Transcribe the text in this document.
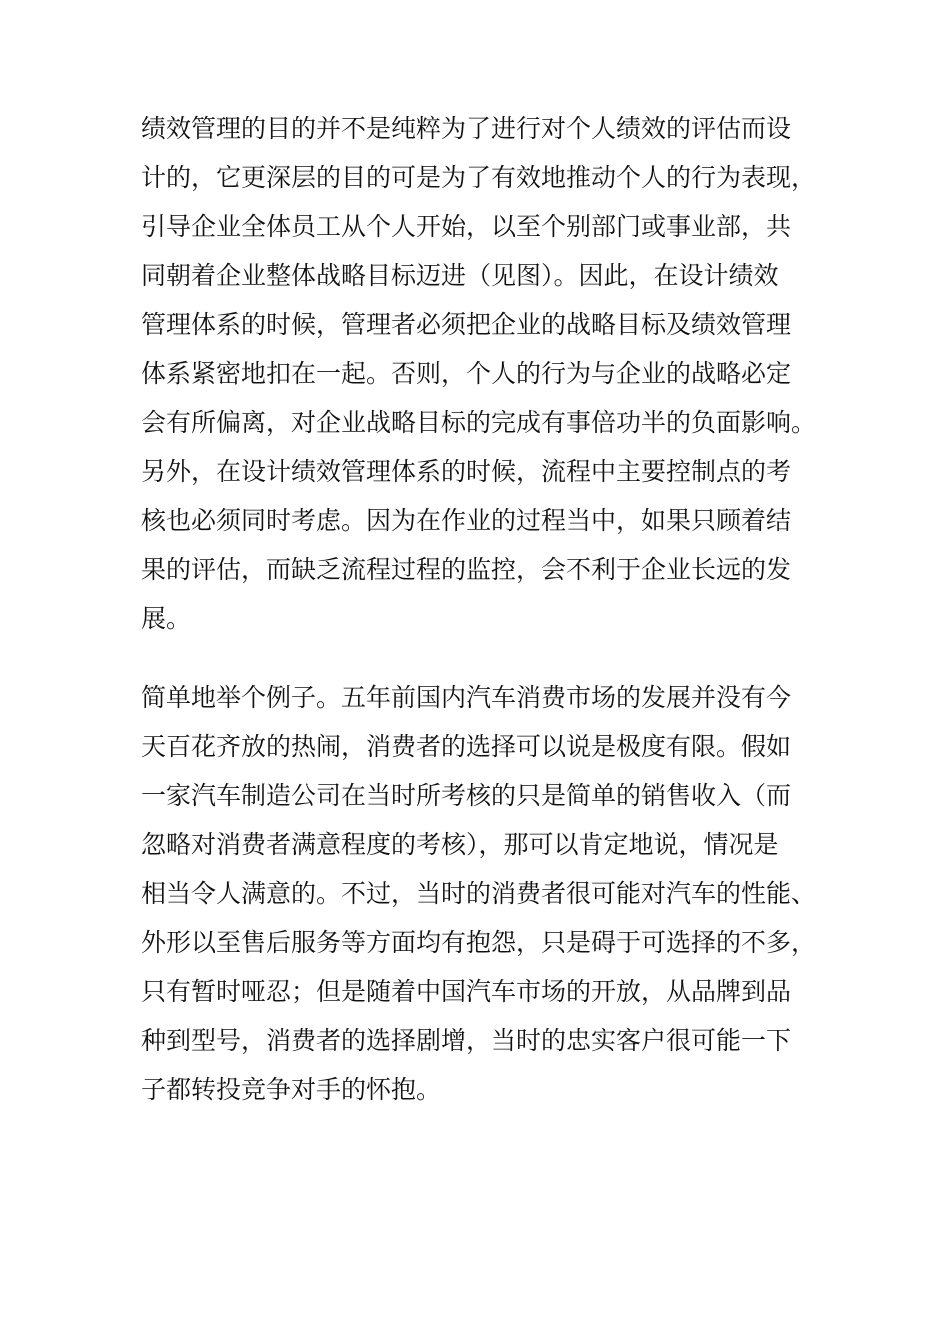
绩效管理的目的并不是纯粹为了进行对个人绩效的评估而设
计的，它更深层的目的可是为了有效地推动个人的行为表现，
引导企业全体员工从个人开始，以至个别部门或事业部，共
同朝着企业整体战略目标迈进（见图）。因此，在设计绩效
管理体系的时候，管理者必须把企业的战略目标及绩效管理
体系紧密地扣在一起。否则，个人的行为与企业的战略必定
会有所偏离，对企业战略目标的完成有事倍功半的负面影响。
另外，在设计绩效管理体系的时候，流程中主要控制点的考
核也必须同时考虑。因为在作业的过程当中，如果只顾着结
果的评估，而缺乏流程过程的监控，会不利于企业长远的发
展。
简单地举个例子。五年前国内汽车消费市场的发展并没有今
天百花齐放的热闹，消费者的选择可以说是极度有限。假如
一家汽车制造公司在当时所考核的只是简单的销售收入（而
忽略对消费者满意程度的考核），那可以肯定地说，情况是
相当令人满意的。不过，当时的消费者很可能对汽车的性能、
外形以至售后服务等方面均有抱怨，只是碍于可选择的不多，
只有暂时哑忍；但是随着中国汽车市场的开放，从品牌到品
种到型号，消费者的选择剧增，当时的忠实客户很可能一下
子都转投竞争对手的怀抱。
